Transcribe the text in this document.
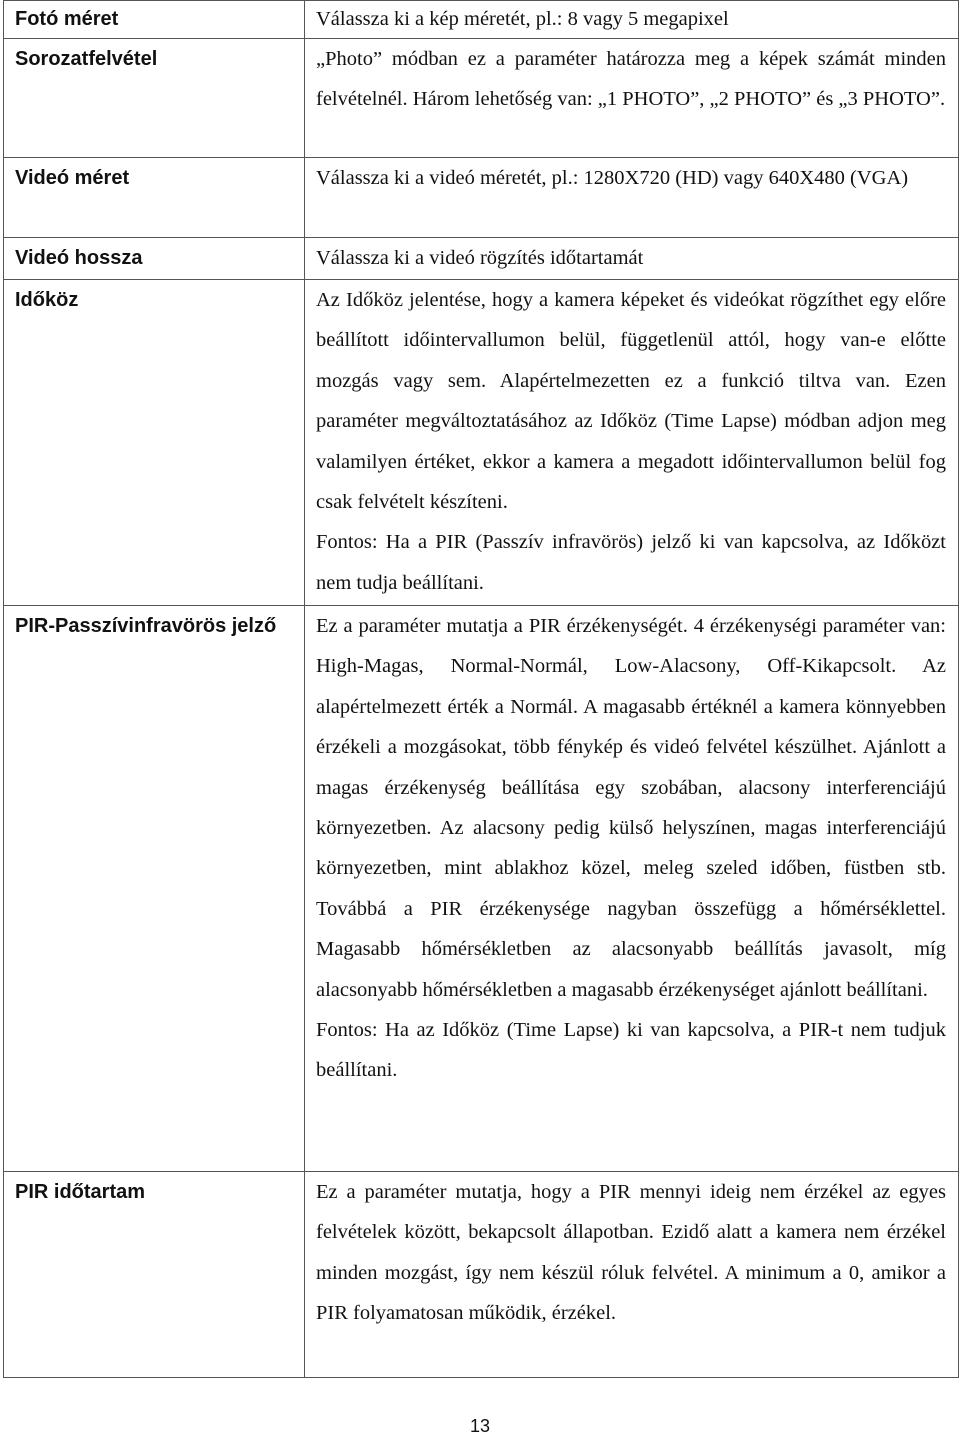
Fotó méret	Válassza ki a kép méretét, pl.: 8 vagy 5 megapixel

Sorozatfelvétel	„Photo” módban ez a paraméter határozza meg a képek számát minden felvételnél. Három lehetőség van: „1 PHOTO”, „2 PHOTO” és „3 PHOTO”.

Videó méret	Válassza ki a videó méretét, pl.: 1280X720 (HD) vagy 640X480 (VGA)

Videó hossza	Válassza ki a videó rögzítés időtartamát

Időköz	Az Időköz jelentése, hogy a kamera képeket és videókat rögzíthet egy előre beállított időintervallumon belül, függetlenül attól, hogy van-e előtte mozgás vagy sem. Alapértelmezetten ez a funkció tiltva van. Ezen paraméter megváltoztatásához az Időköz (Time Lapse) módban adjon meg valamilyen értéket, ekkor a kamera a megadott időintervallumon belül fog csak felvételt készíteni.

Fontos: Ha a PIR (Passzív infravörös) jelző ki van kapcsolva, az Időközt nem tudja beállítani.

PIR-Passzívinfravörös jelző	Ez a paraméter mutatja a PIR érzékenységét. 4 érzékenységi paraméter van: High-Magas, Normal-Normál, Low-Alacsony, Off-Kikapcsolt. Az alapértelmezett érték a Normál. A magasabb értéknél a kamera könnyebben érzékeli a mozgásokat, több fénykép és videó felvétel készülhet. Ajánlott a magas érzékenység beállítása egy szobában, alacsony interferenciájú környezetben. Az alacsony pedig külső helyszínen, magas interferenciájú környezetben, mint ablakhoz közel, meleg szeled időben, füstben stb. Továbbá a PIR érzékenysége nagyban összefügg a hőmérséklettel. Magasabb hőmérsékletben az alacsonyabb beállítás javasolt, míg alacsonyabb hőmérsékletben a magasabb érzékenységet ajánlott beállítani.

Fontos: Ha az Időköz (Time Lapse) ki van kapcsolva, a PIR-t nem tudjuk beállítani.

PIR időtartam	Ez a paraméter mutatja, hogy a PIR mennyi ideig nem érzékel az egyes felvételek között, bekapcsolt állapotban. Ezidő alatt a kamera nem érzékel minden mozgást, így nem készül róluk felvétel. A minimum a 0, amikor a PIR folyamatosan működik, érzékel.

13
